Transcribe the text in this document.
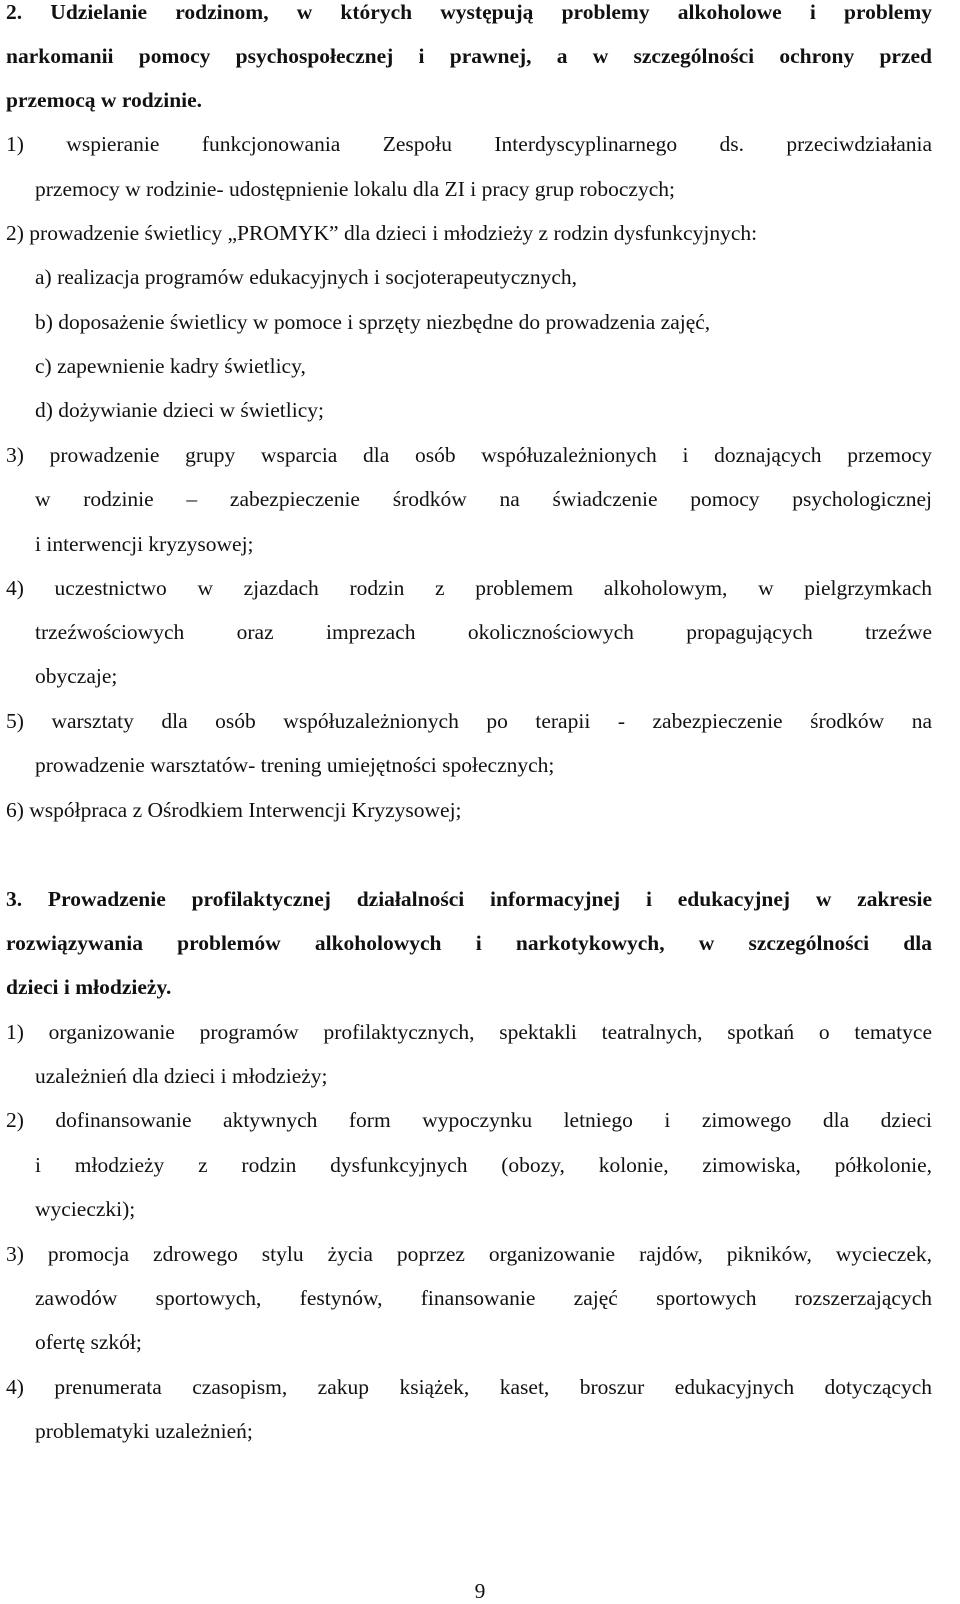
2. Udzielanie rodzinom, w których występują problemy alkoholowe i problemy
narkomanii pomocy psychospołecznej i prawnej, a w szczególności ochrony przed
przemocą w rodzinie.
1) wspieranie funkcjonowania Zespołu Interdyscyplinarnego ds. przeciwdziałania
przemocy w rodzinie- udostępnienie lokalu dla ZI i pracy grup roboczych;
2) prowadzenie świetlicy „PROMYK” dla dzieci i młodzieży z rodzin dysfunkcyjnych:
a) realizacja programów edukacyjnych i socjoterapeutycznych,
b) doposażenie świetlicy w pomoce i sprzęty niezbędne do prowadzenia zajęć,
c) zapewnienie kadry świetlicy,
d) dożywianie dzieci w świetlicy;
3) prowadzenie grupy wsparcia dla osób współuzależnionych i doznających przemocy
w rodzinie – zabezpieczenie środków na świadczenie pomocy psychologicznej
i interwencji kryzysowej;
4) uczestnictwo w zjazdach rodzin z problemem alkoholowym, w pielgrzymkach
trzeźwościowych oraz imprezach okolicznościowych propagujących trzeźwe
obyczaje;
5) warsztaty dla osób współuzależnionych po terapii - zabezpieczenie środków na
prowadzenie warsztatów- trening umiejętności społecznych;
6) współpraca z Ośrodkiem Interwencji Kryzysowej;
3. Prowadzenie profilaktycznej działalności informacyjnej i edukacyjnej w zakresie
rozwiązywania problemów alkoholowych i narkotykowych, w szczególności dla
dzieci i młodzieży.
1) organizowanie programów profilaktycznych, spektakli teatralnych, spotkań o tematyce
uzależnień dla dzieci i młodzieży;
2) dofinansowanie aktywnych form wypoczynku letniego i zimowego dla dzieci
i młodzieży z rodzin dysfunkcyjnych (obozy, kolonie, zimowiska, półkolonie,
wycieczki);
3) promocja zdrowego stylu życia poprzez organizowanie rajdów, pikników, wycieczek,
zawodów sportowych, festynów, finansowanie zajęć sportowych rozszerzających
ofertę szkół;
4) prenumerata czasopism, zakup książek, kaset, broszur edukacyjnych dotyczących
problematyki uzależnień;
9
